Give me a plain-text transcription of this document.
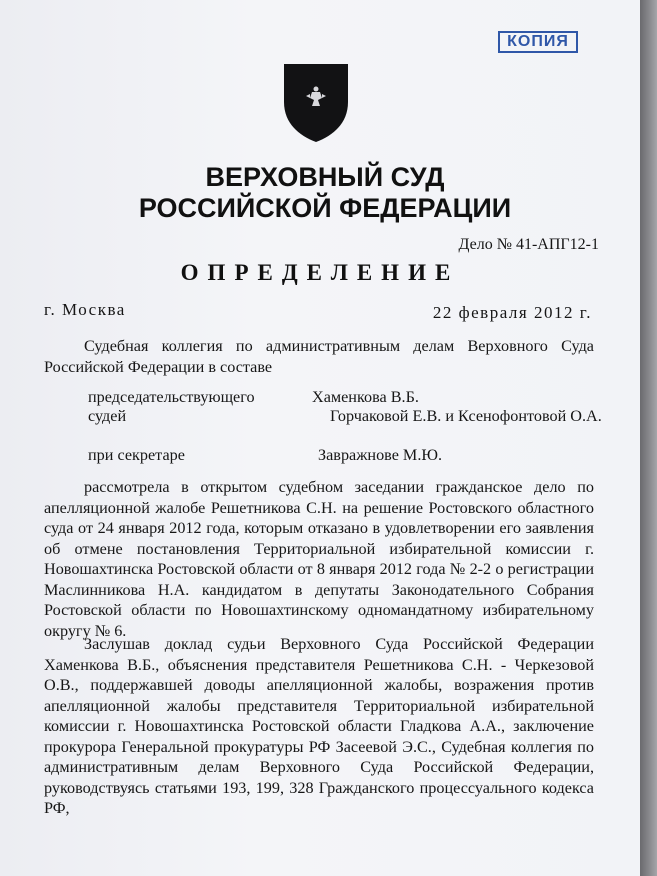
КОПИЯ
ВЕРХОВНЫЙ СУД
РОССИЙСКОЙ ФЕДЕРАЦИИ
Дело № 41-АПГ12-1
ОПРЕДЕЛЕНИЕ
г. Москва	22 февраля 2012 г.

Судебная коллегия по административным делам Верховного Суда Российской Федерации в составе

председательствующего	Хаменкова В.Б.
судей	Горчаковой Е.В. и Ксенофонтовой О.А.
при секретаре	Завражнове М.Ю.

рассмотрела в открытом судебном заседании гражданское дело по апелляционной жалобе Решетникова С.Н. на решение Ростовского областного суда от 24 января 2012 года, которым отказано в удовлетворении его заявления об отмене постановления Территориальной избирательной комиссии г. Новошахтинска Ростовской области от 8 января 2012 года № 2-2 о регистрации Маслинникова Н.А. кандидатом в депутаты Законодательного Собрания Ростовской области по Новошахтинскому одномандатному избирательному округу № 6.

Заслушав доклад судьи Верховного Суда Российской Федерации Хаменкова В.Б., объяснения представителя Решетникова С.Н. - Черкезовой О.В., поддержавшей доводы апелляционной жалобы, возражения против апелляционной жалобы представителя Территориальной избирательной комиссии г. Новошахтинска Ростовской области Гладкова А.А., заключение прокурора Генеральной прокуратуры РФ Засеевой Э.С., Судебная коллегия по административным делам Верховного Суда Российской Федерации, руководствуясь статьями 193, 199, 328 Гражданского процессуального кодекса РФ,
